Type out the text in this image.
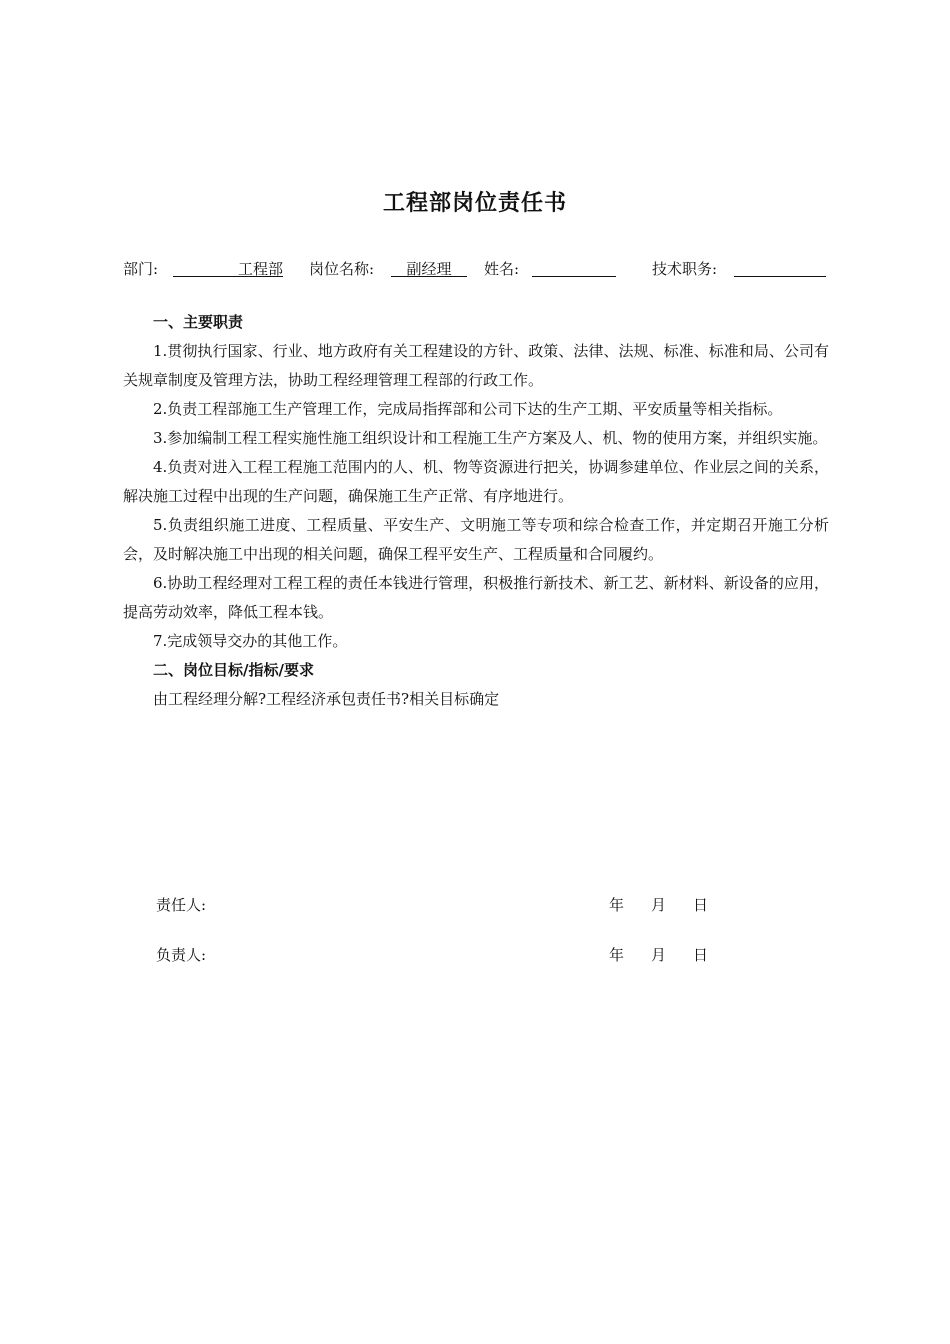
工程部岗位责任书
部门:	工程部 岗位名称:	副经理	姓名:	技术职务:

一、主要职责

1.贯彻执行国家、行业、地方政府有关工程建设的方针、政策、法律、法规、标准、标准和局、公司有关规章制度及管理方法，协助工程经理管理工程部的行政工作。

2.负责工程部施工生产管理工作，完成局指挥部和公司下达的生产工期、平安质量等相关指标。

3.参加编制工程工程实施性施工组织设计和工程施工生产方案及人、机、物的使用方案，并组织实施。

4.负责对进入工程工程施工范围内的人、机、物等资源进行把关，协调参建单位、作业层之间的关系，解决施工过程中出现的生产问题，确保施工生产正常、有序地进行。

5.负责组织施工进度、工程质量、平安生产、文明施工等专项和综合检查工作，并定期召开施工分析会，及时解决施工中出现的相关问题，确保工程平安生产、工程质量和合同履约。

6.协助工程经理对工程工程的责任本钱进行管理，积极推行新技术、新工艺、新材料、新设备的应用，提高劳动效率，降低工程本钱。

7.完成领导交办的其他工作。

二、岗位目标/指标/要求

由工程经理分解?工程经济承包责任书?相关目标确定

责任人:	年 月 日
负责人:	年 月 日
